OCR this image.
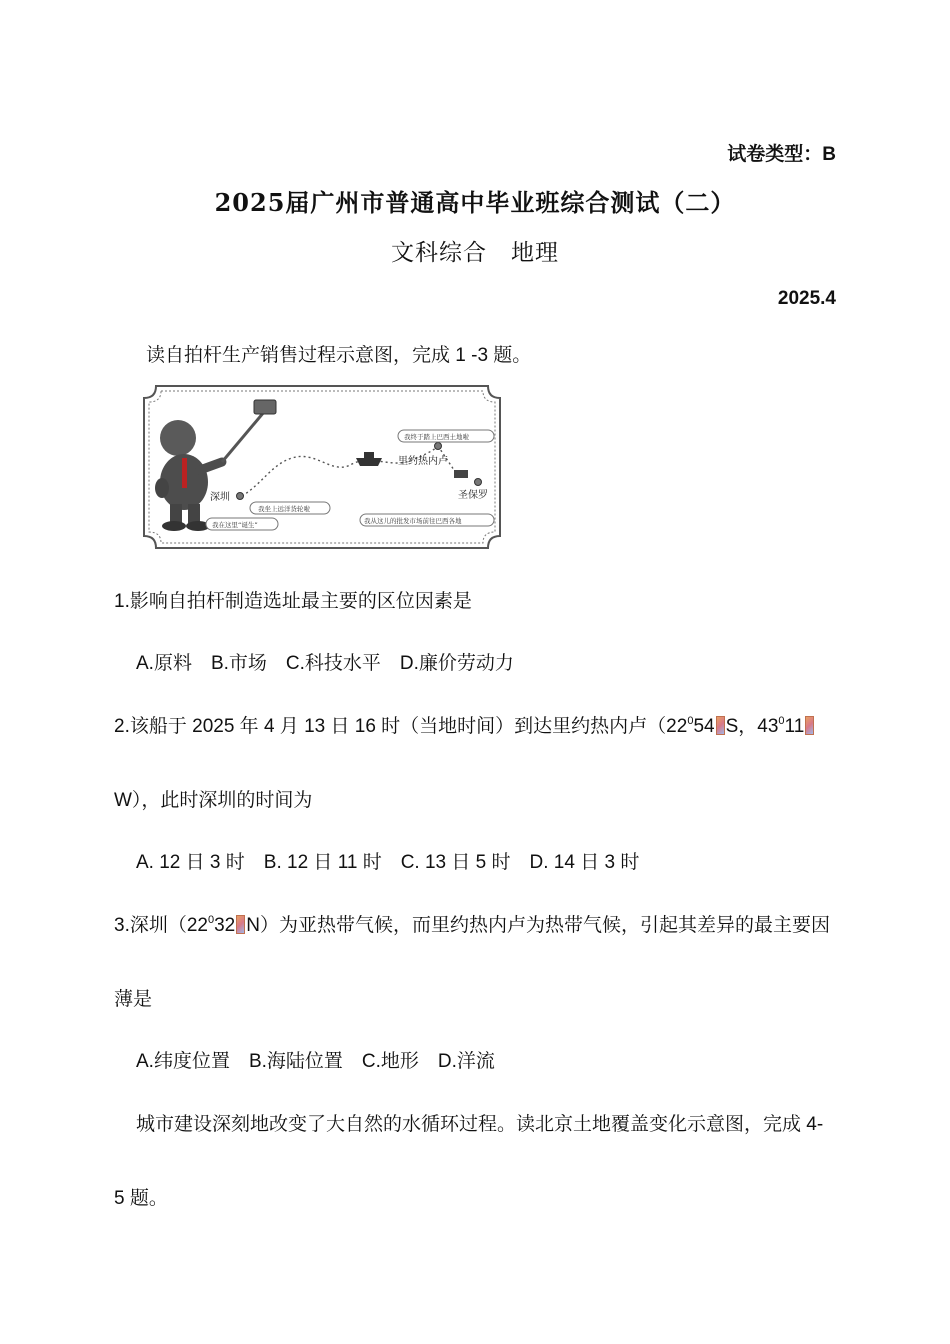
试卷类型：B
2025届广州市普通高中毕业班综合测试（二）
文科综合　地理
2025.4
读自拍杆生产销售过程示意图，完成 1 -3 题。
深圳
里约热内卢
圣保罗
我终于踏上巴西土地啦
我坐上远洋货轮啦
我在这里“诞生”	我从这儿的批发市场前往巴西各地
1.影响自拍杆制造选址最主要的区位因素是
A.原料　B.市场　C.科技水平　D.廉价劳动力
2.该船于 2025 年 4 月 13 日 16 时（当地时间）到达里约热内卢（$22^054$ S，$43^011$
W），此时深圳的时间为
A. 12 日 3 时　B. 12 日 11 时　C. 13 日 5 时　D. 14 日 3 时
3.深圳（$22^032$ N）为亚热带气候，而里约热内卢为热带气候，引起其差异的最主要因
薄是
A.纬度位置　B.海陆位置　C.地形　D.洋流
城市建设深刻地改变了大自然的水循环过程。读北京土地覆盖变化示意图，完成 4-
5 题。
